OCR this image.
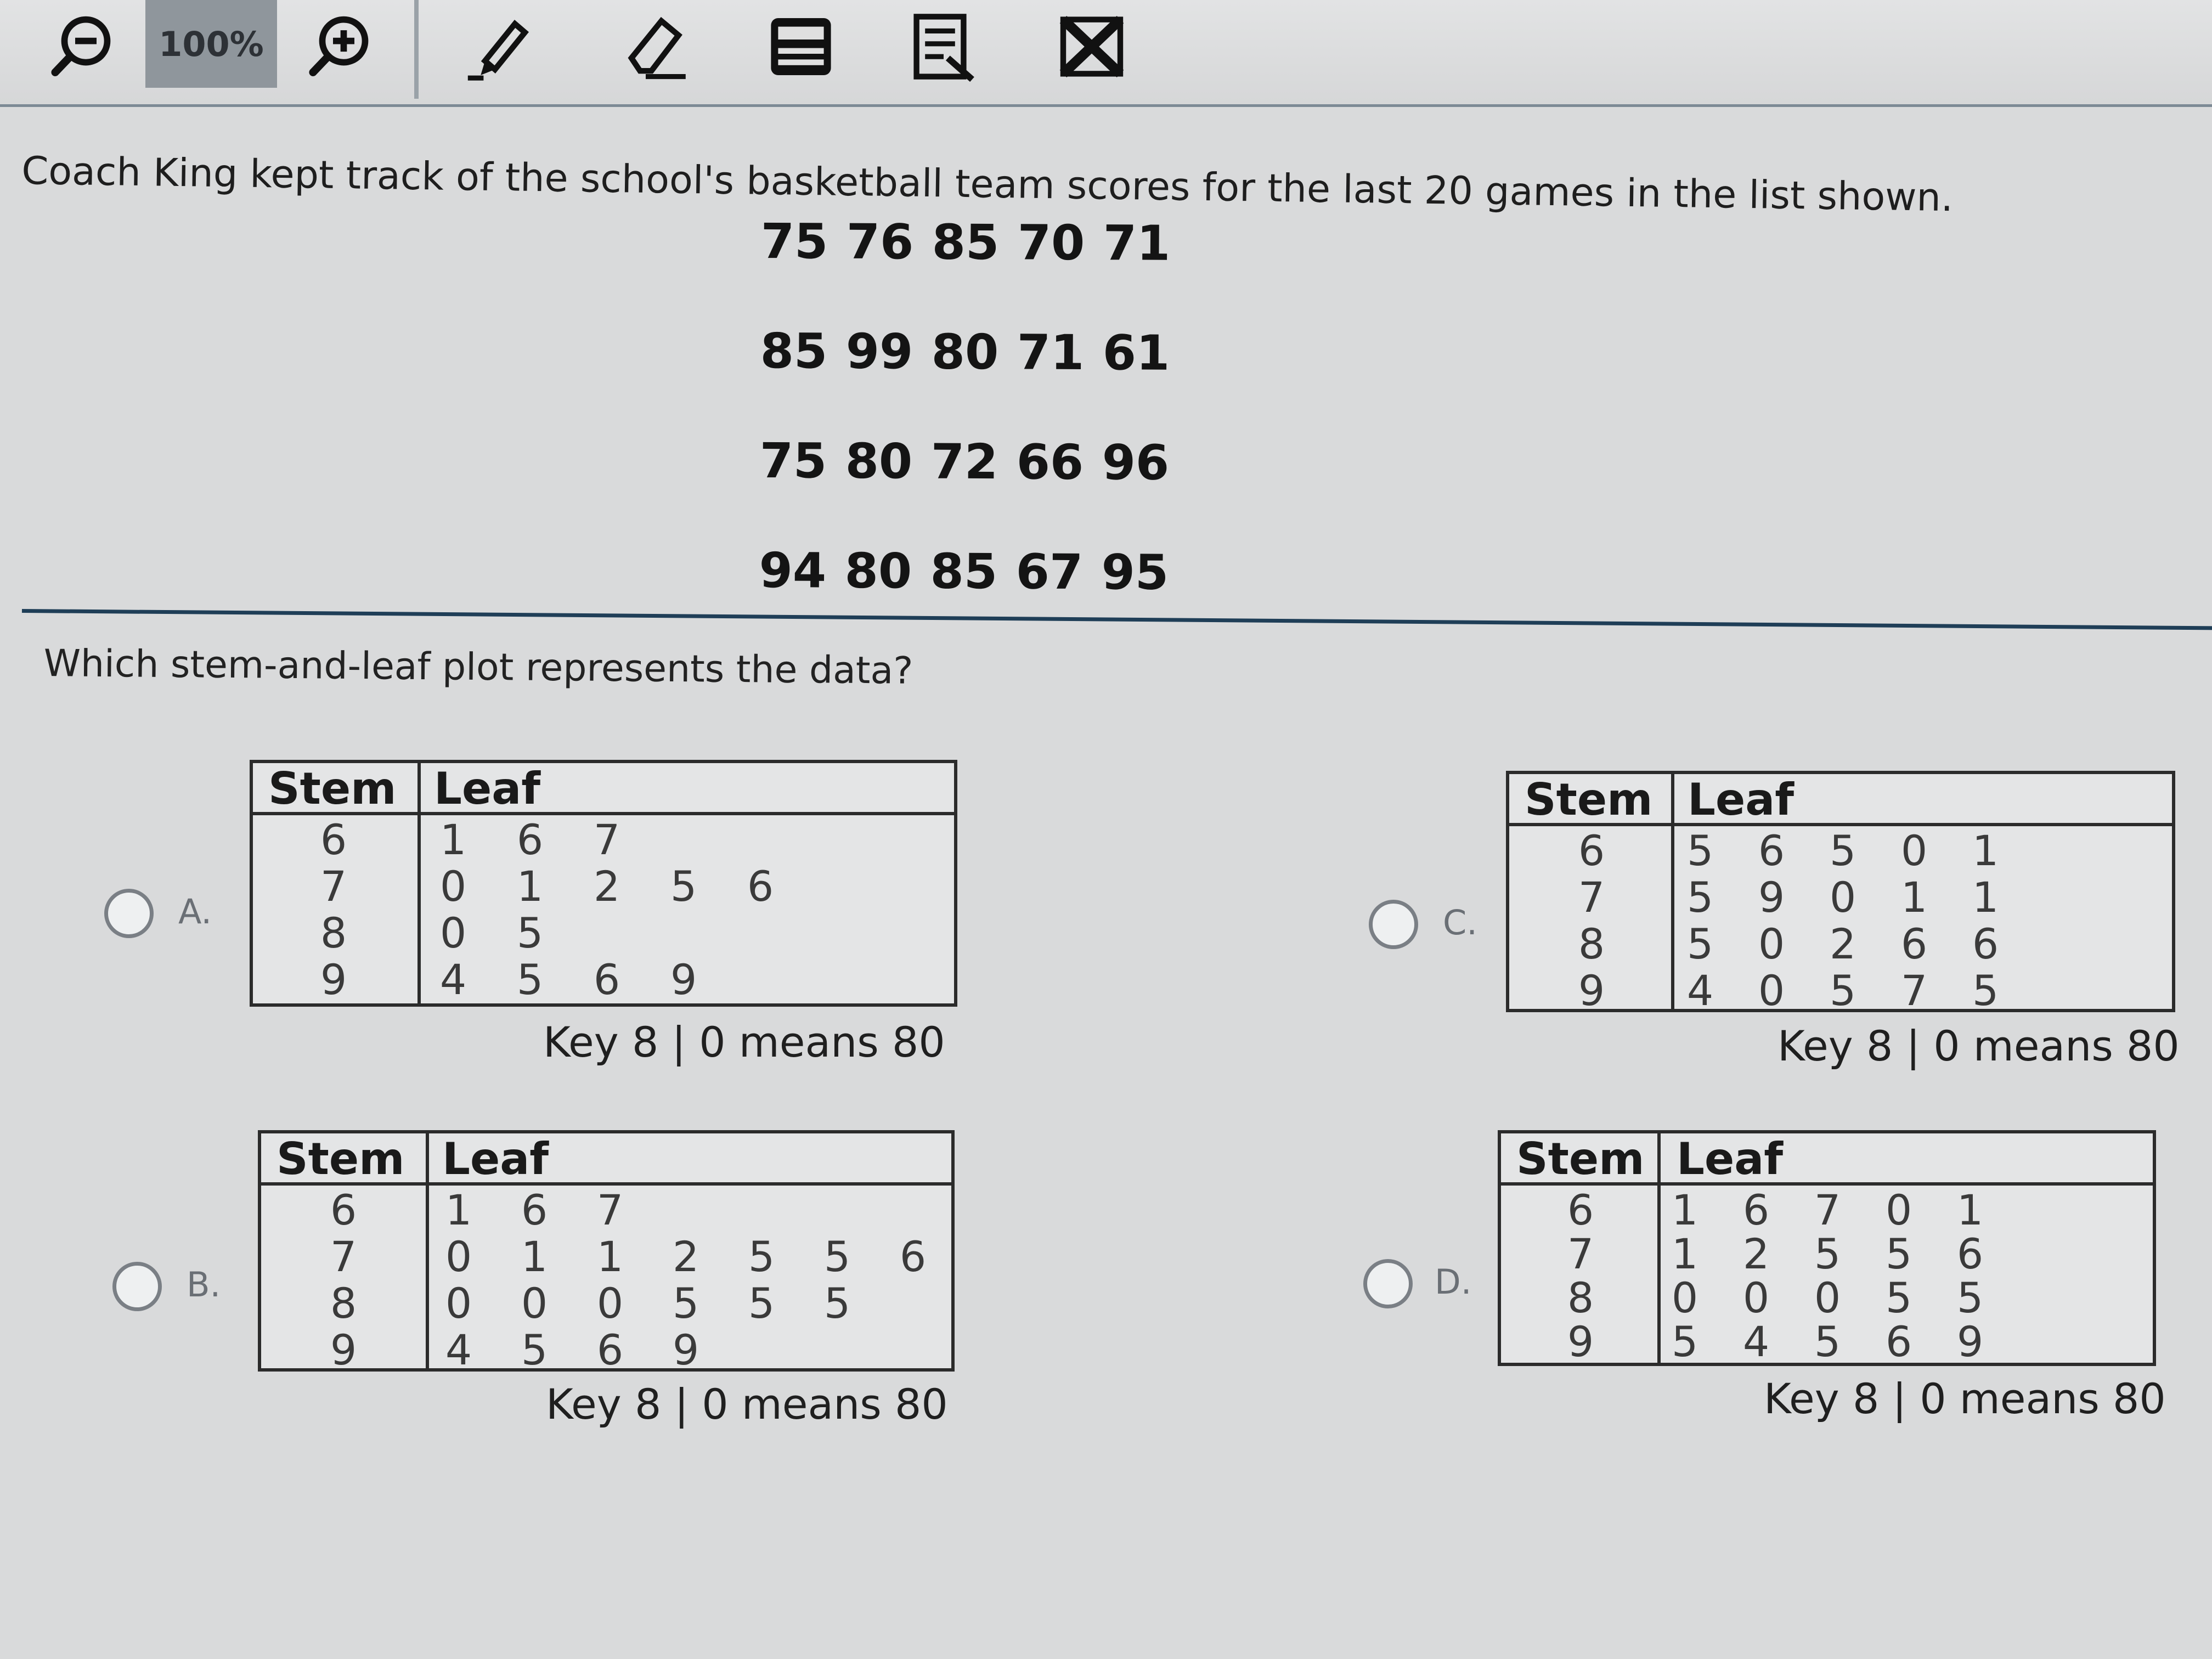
100%
Coach King kept track of the school's basketball team scores for the last 20 games in the list shown.
75 76 85 70 71
85 99 80 71 61
75 80 72 66 96
94 80 85 67 95
Which stem-and-leaf plot represents the data?
A.
Stem Leaf
6 1 6 7
7 0 1 2 5 6
8 0 5
9 4 5 6 9
Key 8 | 0 means 80
B.
Stem Leaf
6 1 6 7
7 0 1 1 2 5 5 6
8 0 0 0 5 5 5
9 4 5 6 9
Key 8 | 0 means 80
C.
Stem Leaf
6 5 6 5 0 1
7 5 9 0 1 1
8 5 0 2 6 6
9 4 0 5 7 5
Key 8 | 0 means 80
D.
Stem Leaf
6 1 6 7 0 1
7 1 2 5 5 6
8 0 0 0 5 5
9 5 4 5 6 9
Key 8 | 0 means 80
